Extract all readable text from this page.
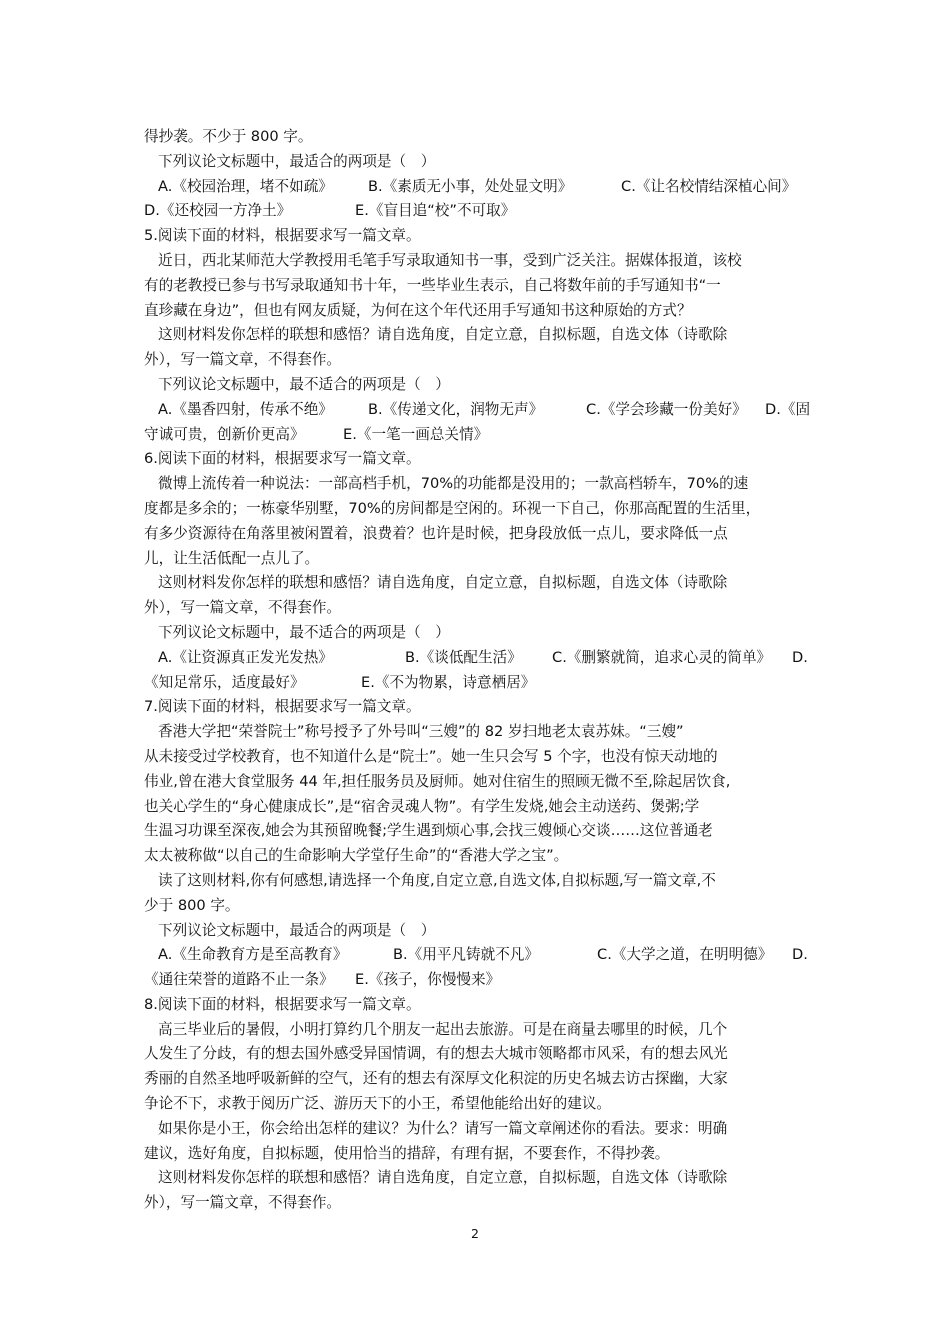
得抄袭。不少于 800 字。
下列议论文标题中，最适合的两项是（　）
A.《校园治理，堵不如疏》 B.《素质无小事，处处显文明》	C.《让名校情结深植心间》
D.《还校园一方净土》	E.《盲目追“校”不可取》
5.阅读下面的材料，根据要求写一篇文章。
近日，西北某师范大学教授用毛笔手写录取通知书一事，受到广泛关注。据媒体报道，该校
有的老教授已参与书写录取通知书十年，一些毕业生表示，自己将数年前的手写通知书“一
直珍藏在身边”，但也有网友质疑，为何在这个年代还用手写通知书这种原始的方式？
这则材料发你怎样的联想和感悟？请自选角度，自定立意，自拟标题，自选文体（诗歌除
外），写一篇文章，不得套作。
下列议论文标题中，最不适合的两项是（　）
A.《墨香四射，传承不绝》 B.《传递文化，润物无声》	C.《学会珍藏一份美好》 D.《固
守诚可贵，创新价更高》	E.《一笔一画总关情》
6.阅读下面的材料，根据要求写一篇文章。
微博上流传着一种说法：一部高档手机，70%的功能都是没用的；一款高档轿车，70%的速
度都是多余的；一栋豪华别墅，70%的房间都是空闲的。环视一下自己，你那高配置的生活里，
有多少资源待在角落里被闲置着，浪费着？也许是时候，把身段放低一点儿，要求降低一点
儿，让生活低配一点儿了。
这则材料发你怎样的联想和感悟？请自选角度，自定立意，自拟标题，自选文体（诗歌除
外），写一篇文章，不得套作。
下列议论文标题中，最不适合的两项是（　）
A.《让资源真正发光发热》	B.《谈低配生活》 C.《删繁就简，追求心灵的简单》 D.
《知足常乐，适度最好》	E.《不为物累，诗意栖居》
7.阅读下面的材料，根据要求写一篇文章。
香港大学把“荣誉院士”称号授予了外号叫“三嫂”的 82 岁扫地老太袁苏妹。“三嫂”
从未接受过学校教育，也不知道什么是“院士”。她一生只会写 5 个字，也没有惊天动地的
伟业,曾在港大食堂服务 44 年,担任服务员及厨师。她对住宿生的照顾无微不至,除起居饮食,
也关心学生的“身心健康成长”,是“宿舍灵魂人物”。有学生发烧,她会主动送药、煲粥;学
生温习功课至深夜,她会为其预留晚餐;学生遇到烦心事,会找三嫂倾心交谈……这位普通老
太太被称做“以自己的生命影响大学堂仔生命”的“香港大学之宝”。
读了这则材料,你有何感想,请选择一个角度,自定立意,自选文体,自拟标题,写一篇文章,不
少于 800 字。
下列议论文标题中，最适合的两项是（　）
A.《生命教育方是至高教育》	B.《用平凡铸就不凡》	C.《大学之道，在明明德》 D.
《通往荣誉的道路不止一条》 E.《孩子，你慢慢来》
8.阅读下面的材料，根据要求写一篇文章。
高三毕业后的暑假，小明打算约几个朋友一起出去旅游。可是在商量去哪里的时候，几个
人发生了分歧，有的想去国外感受异国情调，有的想去大城市领略都市风采，有的想去风光
秀丽的自然圣地呼吸新鲜的空气，还有的想去有深厚文化积淀的历史名城去访古探幽，大家
争论不下，求教于阅历广泛、游历天下的小王，希望他能给出好的建议。
如果你是小王，你会给出怎样的建议？为什么？请写一篇文章阐述你的看法。要求：明确
建议，选好角度，自拟标题，使用恰当的措辞，有理有据，不要套作，不得抄袭。
这则材料发你怎样的联想和感悟？请自选角度，自定立意，自拟标题，自选文体（诗歌除
外），写一篇文章，不得套作。
2
